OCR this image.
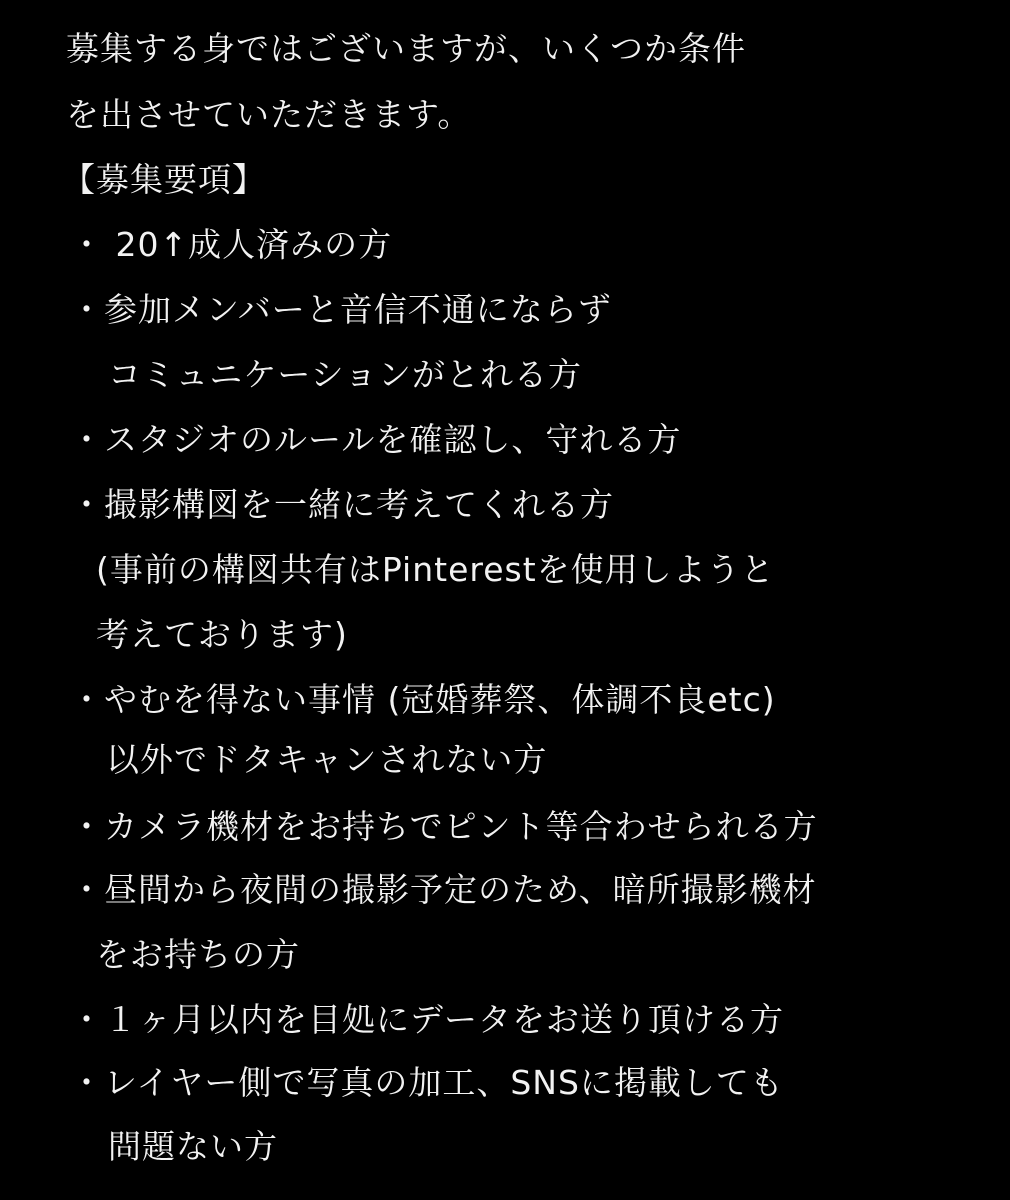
募集する身ではございますが、いくつか条件
を出させていただきます。
【募集要項】
・ 20↑成人済みの方
・参加メンバーと音信不通にならず
コミュニケーションがとれる方
・スタジオのルールを確認し、守れる方
・撮影構図を一緒に考えてくれる方
(事前の構図共有はPinterestを使用しようと
考えております)
・やむを得ない事情 (冠婚葬祭、体調不良etc)
以外でドタキャンされない方
・カメラ機材をお持ちでピント等合わせられる方
・昼間から夜間の撮影予定のため、暗所撮影機材
をお持ちの方
・１ヶ月以内を目処にデータをお送り頂ける方
・レイヤー側で写真の加工、SNSに掲載しても
問題ない方
